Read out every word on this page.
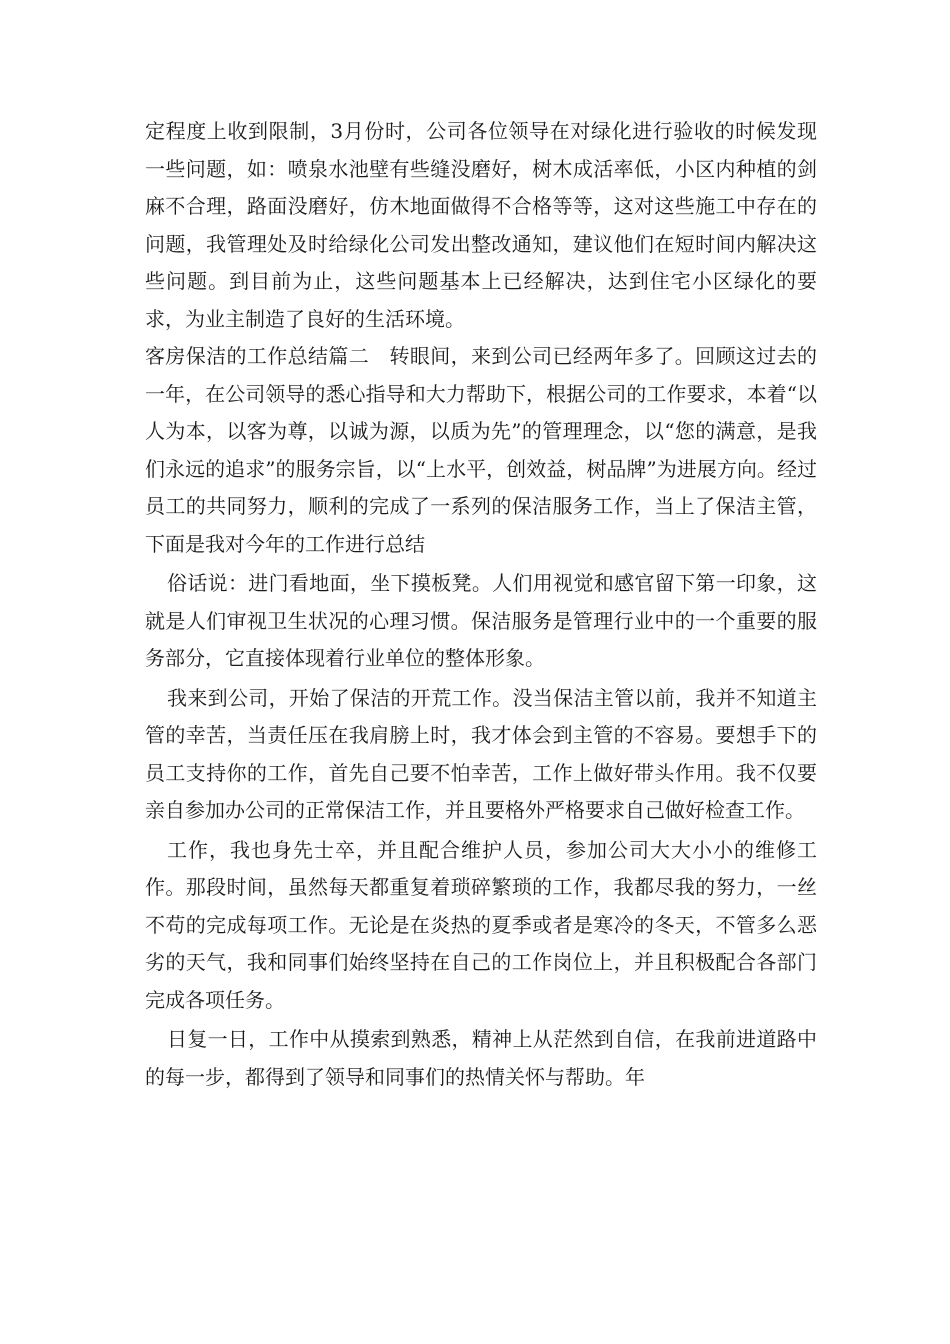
定程度上收到限制，3月份时，公司各位领导在对绿化进行验收的时候发现一些问题，如：喷泉水池壁有些缝没磨好，树木成活率低，小区内种植的剑麻不合理，路面没磨好，仿木地面做得不合格等等，这对这些施工中存在的问题，我管理处及时给绿化公司发出整改通知，建议他们在短时间内解决这些问题。到目前为止，这些问题基本上已经解决，达到住宅小区绿化的要求，为业主制造了良好的生活环境。

客房保洁的工作总结篇二　转眼间，来到公司已经两年多了。回顾这过去的一年，在公司领导的悉心指导和大力帮助下，根据公司的工作要求，本着“以人为本，以客为尊，以诚为源，以质为先”的管理理念，以“您的满意，是我们永远的追求”的服务宗旨，以“上水平，创效益，树品牌”为进展方向。经过员工的共同努力，顺利的完成了一系列的保洁服务工作，当上了保洁主管，下面是我对今年的工作进行总结

俗话说：进门看地面，坐下摸板凳。人们用视觉和感官留下第一印象，这就是人们审视卫生状况的心理习惯。保洁服务是管理行业中的一个重要的服务部分，它直接体现着行业单位的整体形象。

我来到公司，开始了保洁的开荒工作。没当保洁主管以前，我并不知道主管的幸苦，当责任压在我肩膀上时，我才体会到主管的不容易。要想手下的员工支持你的工作，首先自己要不怕幸苦，工作上做好带头作用。我不仅要亲自参加办公司的正常保洁工作，并且要格外严格要求自己做好检查工作。

工作，我也身先士卒，并且配合维护人员，参加公司大大小小的维修工作。那段时间，虽然每天都重复着琐碎繁琐的工作，我都尽我的努力，一丝不苟的完成每项工作。无论是在炎热的夏季或者是寒冷的冬天，不管多么恶劣的天气，我和同事们始终坚持在自己的工作岗位上，并且积极配合各部门完成各项任务。

日复一日，工作中从摸索到熟悉，精神上从茫然到自信，在我前进道路中的每一步，都得到了领导和同事们的热情关怀与帮助。年
